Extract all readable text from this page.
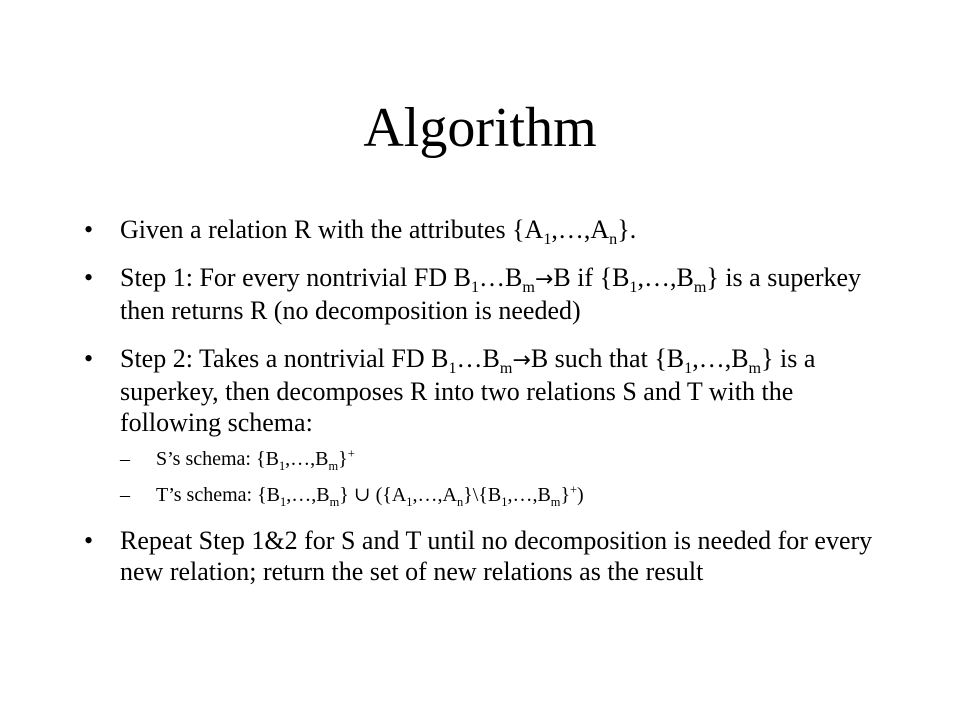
Algorithm
• Given a relation R with the attributes $\{A_1,\dots,A_n\}$.
• Step 1: For every nontrivial FD $B_1\dots B_m\to B$ if $\{B_1,\dots,B_m\}$ is a superkey then returns R (no decomposition is needed)
• Step 2: Takes a nontrivial FD $B_1\dots B_m\to B$ such that $\{B_1,\dots,B_m\}$ is a superkey, then decomposes R into two relations S and T with the following schema:
– S’s schema: $\{B_1,\dots,B_m\}^+$
– T’s schema: $\{B_1,\dots,B_m\}$ ∪ $(\{A_1,\dots,A_n\}\backslash\{B_1,\dots,B_m\}^+)$
• Repeat Step 1&2 for S and T until no decomposition is needed for every new relation; return the set of new relations as the result
